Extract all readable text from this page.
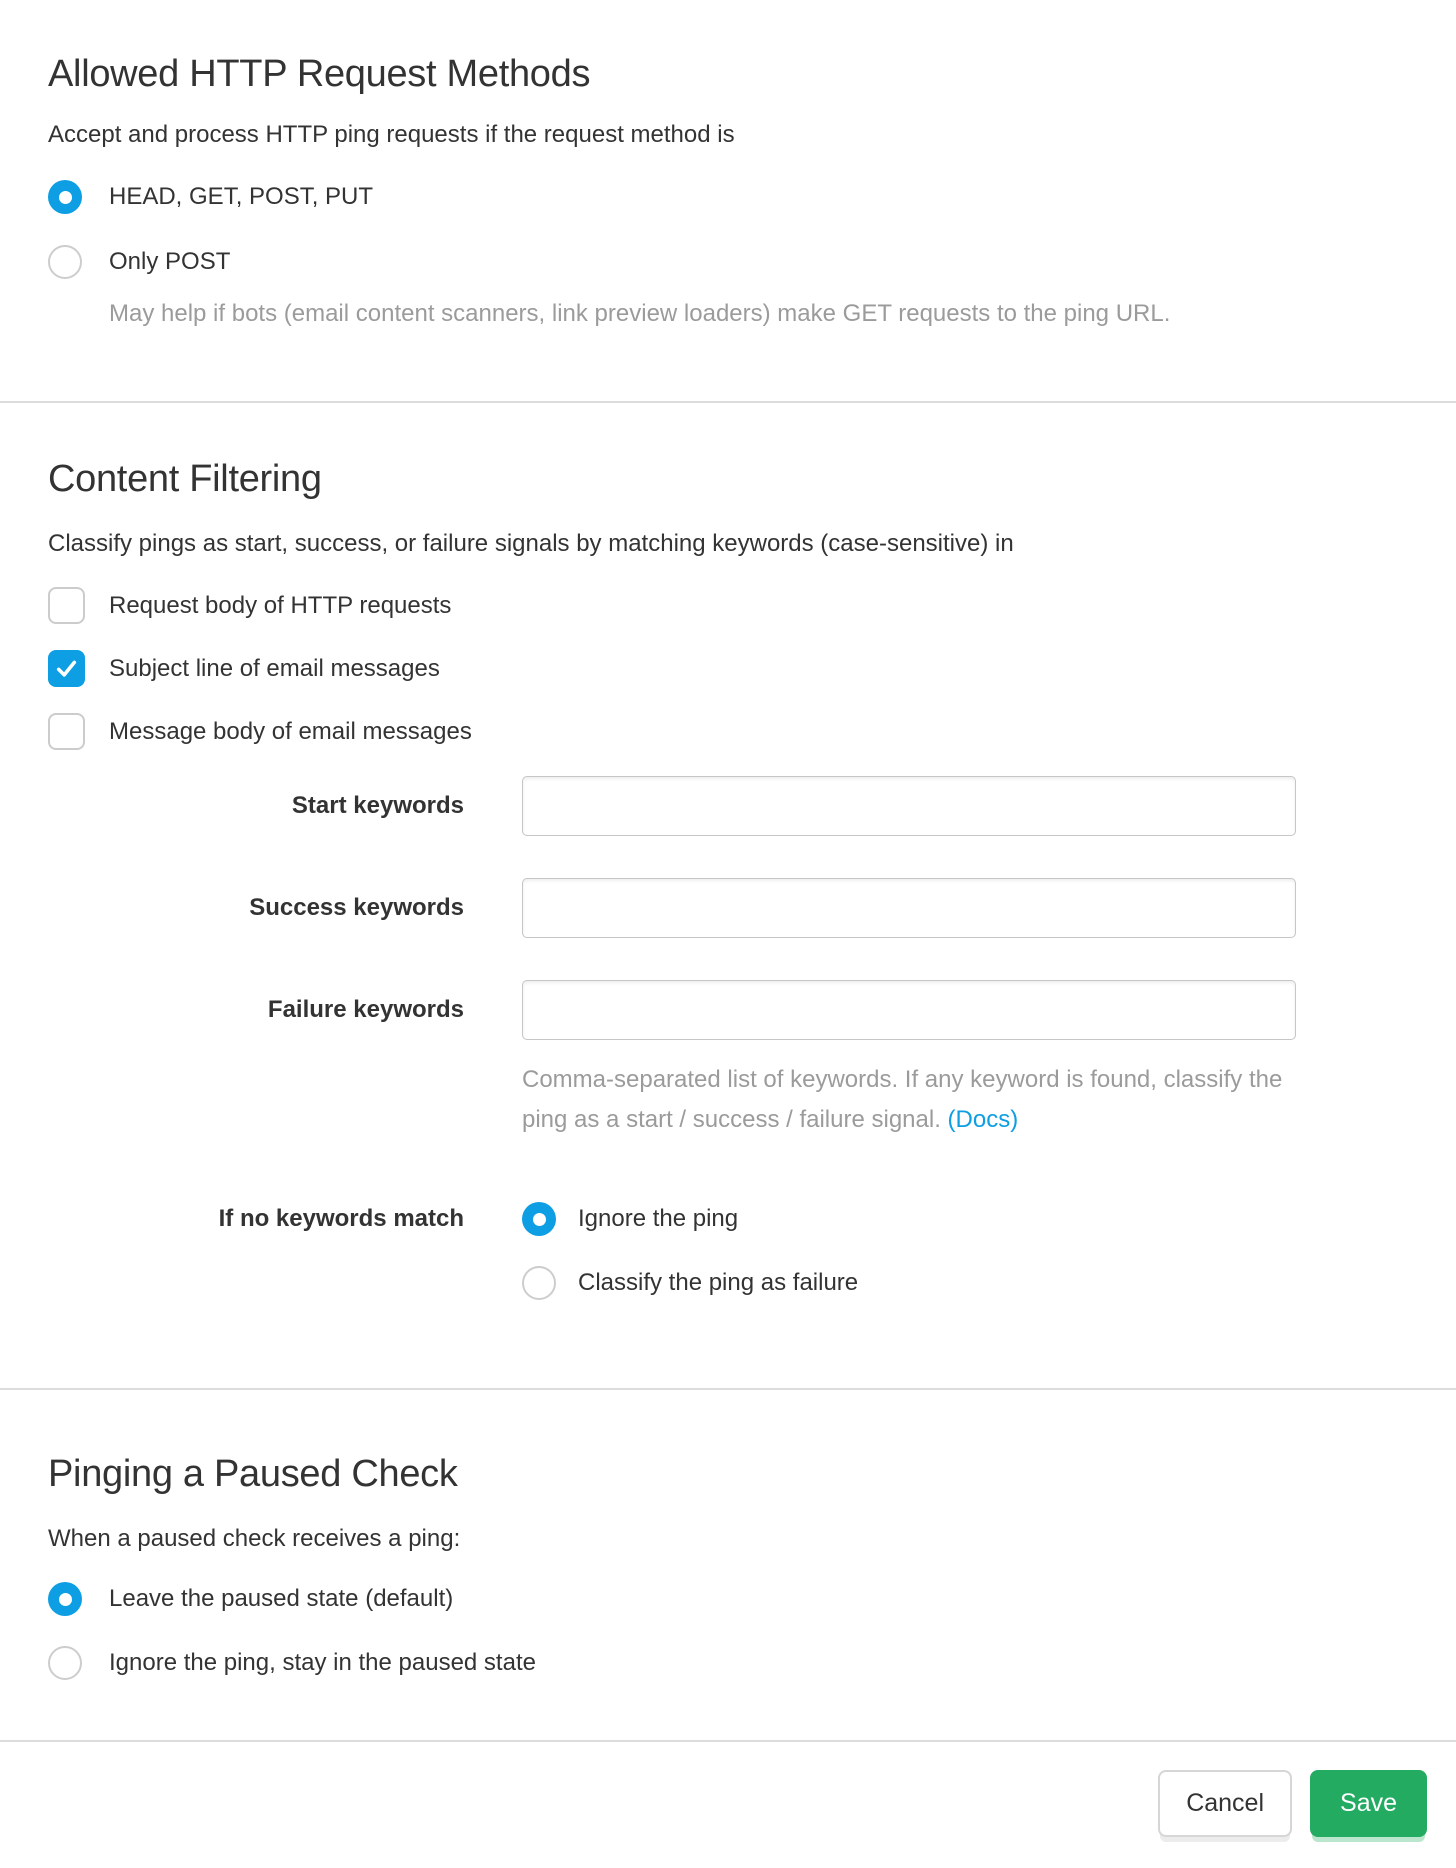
Allowed HTTP Request Methods

Accept and process HTTP ping requests if the request method is

HEAD, GET, POST, PUT
Only POST

May help if bots (email content scanners, link preview loaders) make GET requests to the ping URL.

Content Filtering

Classify pings as start, success, or failure signals by matching keywords (case-sensitive) in

Request body of HTTP requests
Subject line of email messages
Message body of email messages
Start keywords
Success keywords
Failure keywords
Comma-separated list of keywords. If any keyword is found, classify the ping as a start / success / failure signal. (Docs)
If no keywords match	Ignore the ping
Classify the ping as failure
Pinging a Paused Check

When a paused check receives a ping:

Leave the paused state (default)
Ignore the ping, stay in the paused state
Cancel	Save
